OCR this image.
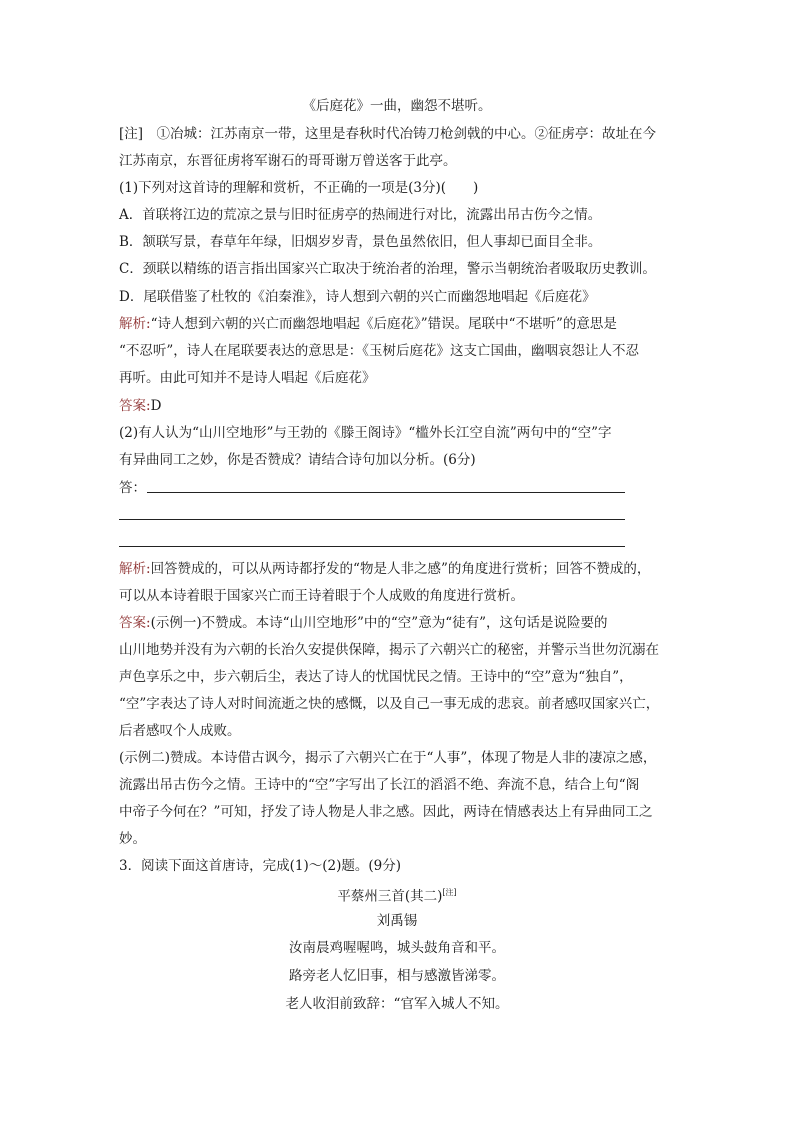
《后庭花》一曲，幽怨不堪听。
[注]　①冶城：江苏南京一带，这里是春秋时代冶铸刀枪剑戟的中心。②征虏亭：故址在今
江苏南京，东晋征虏将军谢石的哥哥谢万曾送客于此亭。
(1)下列对这首诗的理解和赏析，不正确的一项是(3分)(　　)
A．首联将江边的荒凉之景与旧时征虏亭的热闹进行对比，流露出吊古伤今之情。
B．颔联写景，春草年年绿，旧烟岁岁青，景色虽然依旧，但人事却已面目全非。
C．颈联以精练的语言指出国家兴亡取决于统治者的治理，警示当朝统治者吸取历史教训。
D．尾联借鉴了杜牧的《泊秦淮》，诗人想到六朝的兴亡而幽怨地唱起《后庭花》
解析:“诗人想到六朝的兴亡而幽怨地唱起《后庭花》”错误。尾联中“不堪听”的意思是
“不忍听”，诗人在尾联要表达的意思是：《玉树后庭花》这支亡国曲，幽咽哀怨让人不忍
再听。由此可知并不是诗人唱起《后庭花》
答案:D
(2)有人认为“山川空地形”与王勃的《滕王阁诗》“槛外长江空自流”两句中的“空”字
有异曲同工之妙，你是否赞成？请结合诗句加以分析。(6分)
答：
解析:回答赞成的，可以从两诗都抒发的“物是人非之感”的角度进行赏析；回答不赞成的，
可以从本诗着眼于国家兴亡而王诗着眼于个人成败的角度进行赏析。
答案:(示例一)不赞成。本诗“山川空地形”中的“空”意为“徒有”，这句话是说险要的
山川地势并没有为六朝的长治久安提供保障，揭示了六朝兴亡的秘密，并警示当世勿沉溺在
声色享乐之中，步六朝后尘，表达了诗人的忧国忧民之情。王诗中的“空”意为“独自”，
“空”字表达了诗人对时间流逝之快的感慨，以及自己一事无成的悲哀。前者感叹国家兴亡，
后者感叹个人成败。
(示例二)赞成。本诗借古讽今，揭示了六朝兴亡在于“人事”，体现了物是人非的凄凉之感，
流露出吊古伤今之情。王诗中的“空”字写出了长江的滔滔不绝、奔流不息，结合上句“阁
中帝子今何在？”可知，抒发了诗人物是人非之感。因此，两诗在情感表达上有异曲同工之
妙。
3．阅读下面这首唐诗，完成(1)～(2)题。(9分)
平蔡州三首(其二)[注]
刘禹锡
汝南晨鸡喔喔鸣，城头鼓角音和平。
路旁老人忆旧事，相与感激皆涕零。
老人收泪前致辞：“官军入城人不知。
